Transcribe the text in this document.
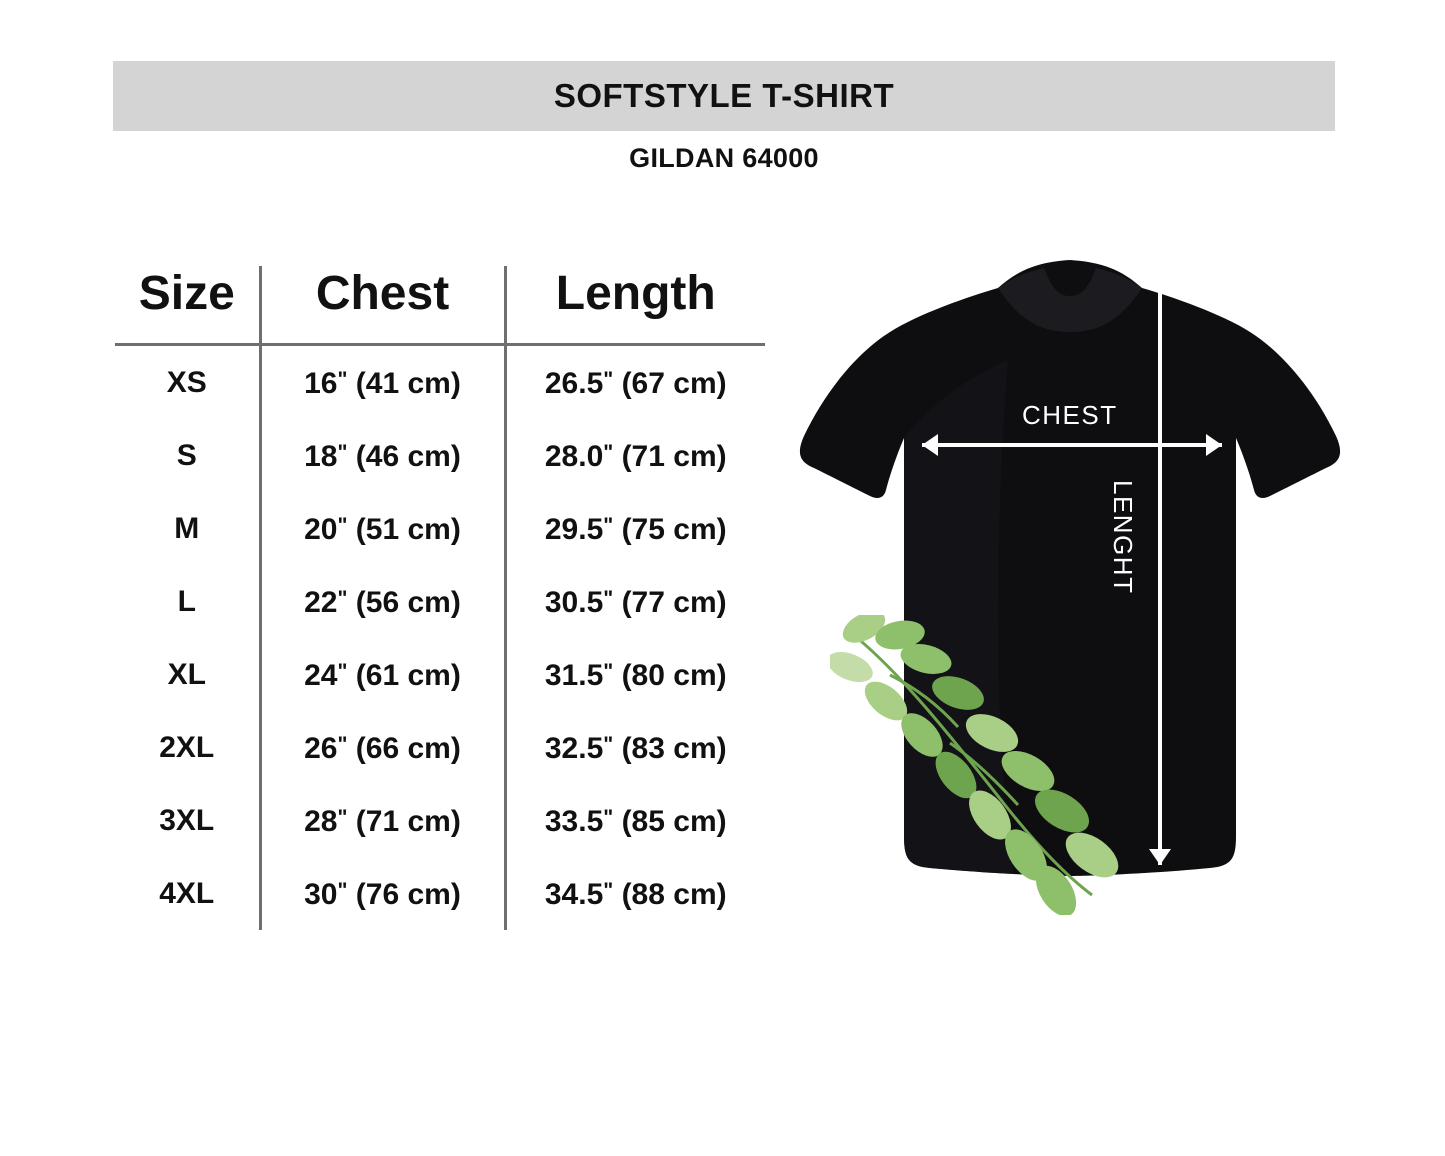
SOFTSTYLE T-SHIRT
GILDAN 64000
Size	Chest	Length
XS	16" (41 cm)	26.5" (67 cm)
S	18" (46 cm)	28.0" (71 cm)
M	20" (51 cm)	29.5" (75 cm)
L	22" (56 cm)	30.5" (77 cm)
XL	24" (61 cm)	31.5" (80 cm)
2XL	26" (66 cm)	32.5" (83 cm)
3XL	28" (71 cm)	33.5" (85 cm)
4XL	30" (76 cm)	34.5" (88 cm)
CHEST
LENGHT
